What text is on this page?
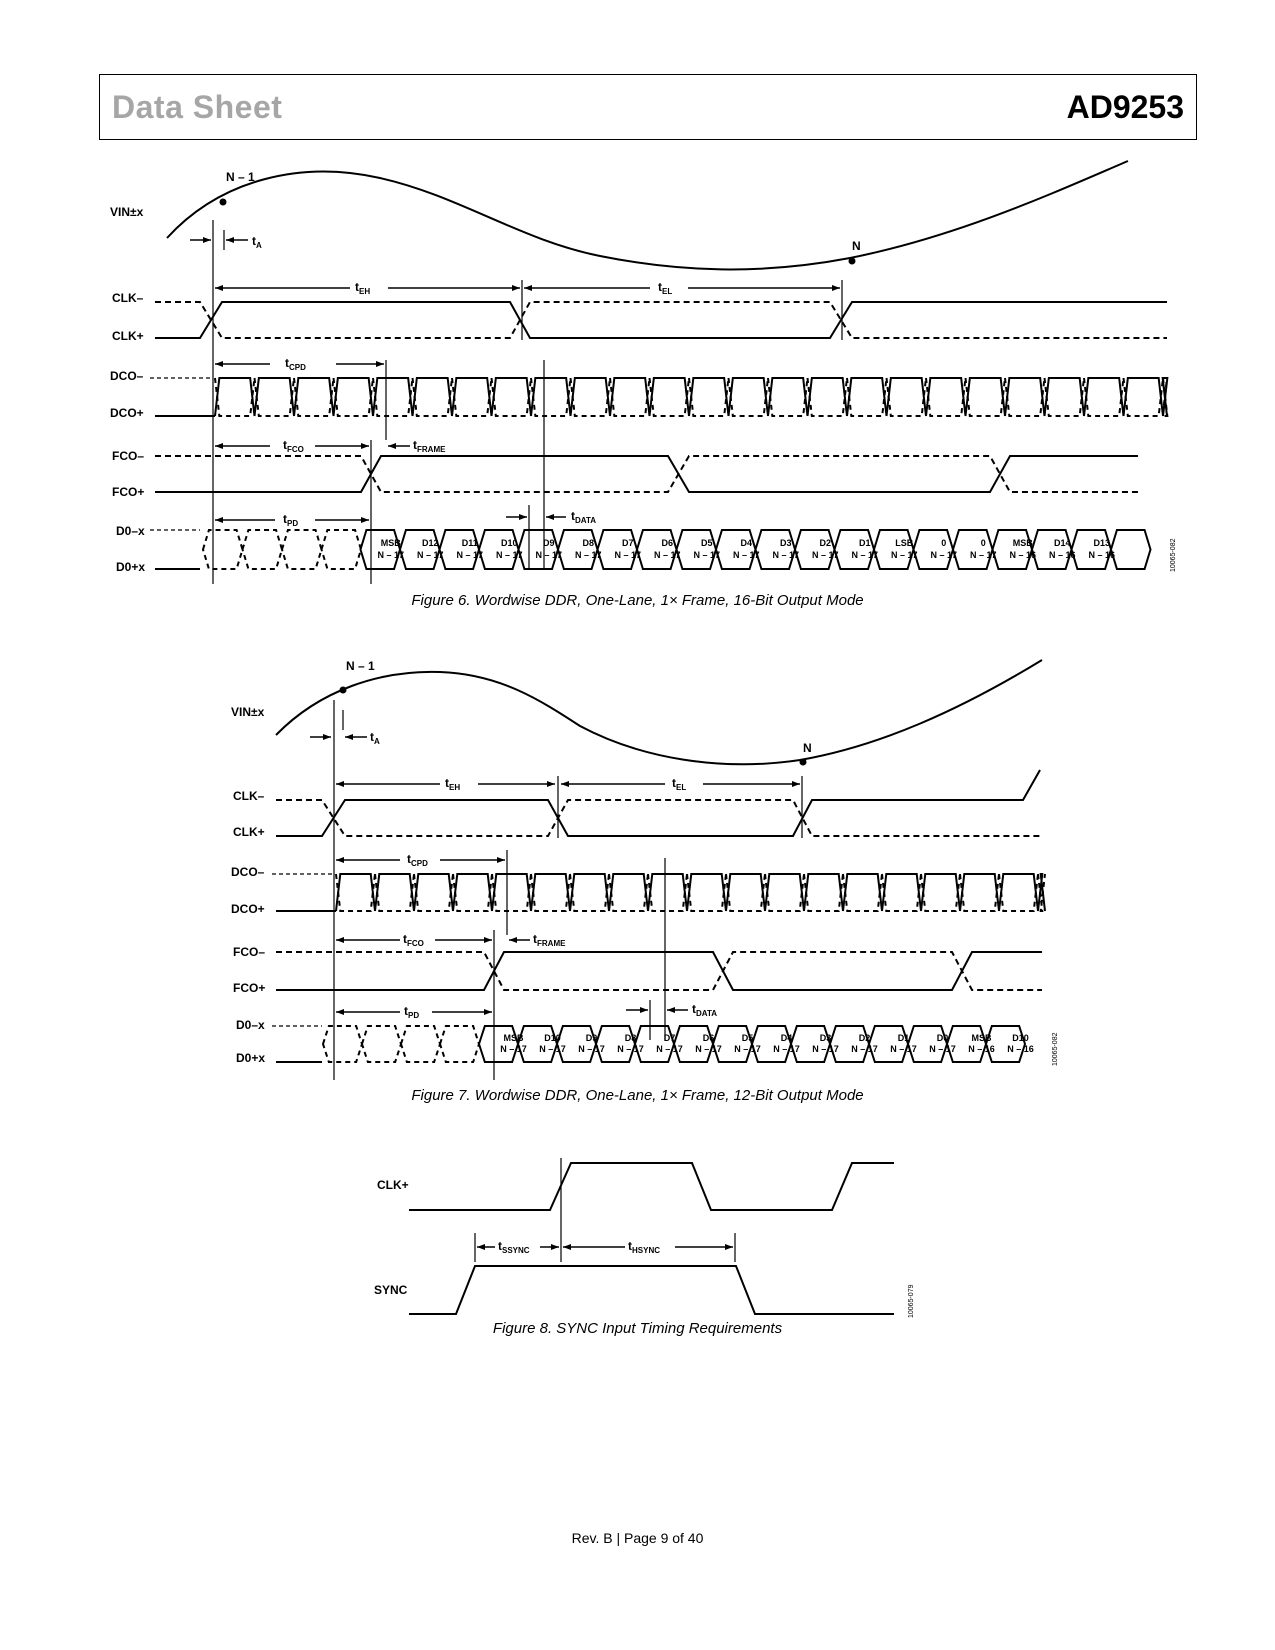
Data Sheet	AD9253
N – 1
N
VIN±x
CLK–
CLK+
DCO–
DCO+
FCO–
FCO+
D0–x
D0+x
$t_A$
$t_{EH}$	$t_{EL}$
$t_{CPD}$
$t_{FCO}$	$t_{FRAME}$
$t_{PD}$
$t_{DATA}$
MSB
N – 17
D12
N – 17
D11
N – 17
D10
N – 17
D9
N – 17
D8
N – 17
D7
N – 17
D6
N – 17
D5
N – 17
D4
N – 17
D3
N – 17
D2
N – 17
D1
N – 17
LSB
N – 17
0
N – 17
0
N – 17
MSB
N – 16
D14
N – 16
D13
N – 16	10065-082
Figure 6. Wordwise DDR, One-Lane, 1× Frame, 16-Bit Output Mode
N – 1
N
VIN±x
CLK–
CLK+
DCO–
DCO+
FCO–
FCO+
D0–x
D0+x
$t_A$
$t_{EH}$	$t_{EL}$
$t_{CPD}$
$t_{FCO}$	$t_{FRAME}$
$t_{PD}$	$t_{DATA}$
MSB
N – 17
D10
N – 17
D9
N – 17
D8
N – 17
D7
N – 17
D6
N – 17
D5
N – 17
D4
N – 17
D3
N – 17
D2
N – 17
D1
N – 17
D0
N – 17
MSB
N – 16
D10
N – 16	10065-082
Figure 7. Wordwise DDR, One-Lane, 1× Frame, 12-Bit Output Mode
CLK+
SYNC
$t_{SSYNC}$	$t_{HSYNC}$
10065-079
Figure 8. SYNC Input Timing Requirements
Rev. B | Page 9 of 40
